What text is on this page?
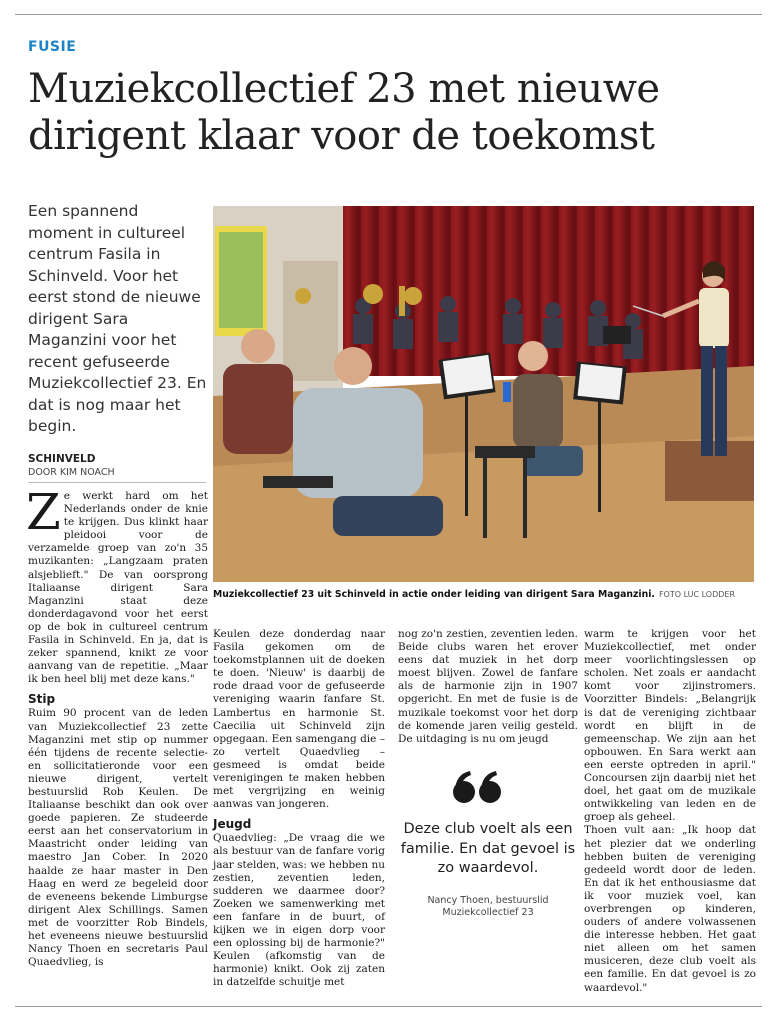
FUSIE
Muziekcollectief 23 met nieuwe
dirigent klaar voor de toekomst
Een spannend moment in cultureel centrum Fasila in Schinveld. Voor het eerst stond de nieuwe dirigent Sara Maganzini voor het recent gefuseerde Muziekcollectief 23. En dat is nog maar het begin.
SCHINVELD
DOOR KIM NOACH

Ze werkt hard om het Nederlands onder de knie te krijgen. Dus klinkt haar pleidooi voor de verzamelde groep van zo'n 35 muzikanten: „Langzaam praten alsjeblieft." De van oorsprong Italiaanse dirigent Sara Maganzini staat deze donderdagavond voor het eerst op de bok in cultureel centrum Fasila in Schinveld. En ja, dat is zeker spannend, knikt ze voor aanvang van de repetitie. „Maar ik ben heel blij met deze kans."

Stip

Ruim 90 procent van de leden van Muziekcollectief 23 zette Maganzini met stip op nummer één tijdens de recente selectie- en sollicitatieronde voor een nieuwe dirigent, vertelt bestuurslid Rob Keulen. De Italiaanse beschikt dan ook over goede papieren. Ze studeerde eerst aan het conservatorium in Maastricht onder leiding van maestro Jan Cober. In 2020 haalde ze haar master in Den Haag en werd ze begeleid door de eveneens bekende Limburgse dirigent Alex Schillings. Samen met de voorzitter Rob Bindels, het eveneens nieuwe bestuurslid Nancy Thoen en secretaris Paul Quaedvlieg, is

Keulen deze donderdag naar Fasila gekomen om de toekomstplannen uit de doeken te doen. 'Nieuw' is daarbij de rode draad voor de gefuseerde vereniging waarin fanfare St. Lambertus en harmonie St. Caecilia uit Schinveld zijn opgegaan. Een samengang die – zo vertelt Quaedvlieg – gesmeed is omdat beide verenigingen te maken hebben met vergrijzing en weinig aanwas van jongeren.

Jeugd

Quaedvlieg: „De vraag die we als bestuur van de fanfare vorig jaar stelden, was: we hebben nu zestien, zeventien leden, sudderen we daarmee door? Zoeken we samenwerking met een fanfare in de buurt, of kijken we in eigen dorp voor een oplossing bij de harmonie?" Keulen (afkomstig van de harmonie) knikt. Ook zij zaten in datzelfde schuitje met

nog zo'n zestien, zeventien leden. Beide clubs waren het erover eens dat muziek in het dorp moest blijven. Zowel de fanfare als de harmonie zijn in 1907 opgericht. En met de fusie is de muzikale toekomst voor het dorp de komende jaren veilig gesteld. De uitdaging is nu om jeugd

warm te krijgen voor het Muziekcollectief, met onder meer voorlichtingslessen op scholen. Net zoals er aandacht komt voor zijinstromers. Voorzitter Bindels: „Belangrijk is dat de vereniging zichtbaar wordt en blijft in de gemeenschap. We zijn aan het opbouwen. En Sara werkt aan een eerste optreden in april." Concoursen zijn daarbij niet het doel, het gaat om de muzikale ontwikkeling van leden en de groep als geheel.

Thoen vult aan: „Ik hoop dat het plezier dat we onderling hebben buiten de vereniging gedeeld wordt door de leden. En dat ik het enthousiasme dat ik voor muziek voel, kan overbrengen op kinderen, ouders of andere volwassenen die interesse hebben. Het gaat niet alleen om het samen musiceren, deze club voelt als een familie. En dat gevoel is zo waardevol."

Muziekcollectief 23 uit Schinveld in actie onder leiding van dirigent Sara Maganzini. FOTO LUC LODDER
Deze club voelt als een familie. En dat gevoel is zo waardevol.
Nancy Thoen, bestuurslid
Muziekcollectief 23
